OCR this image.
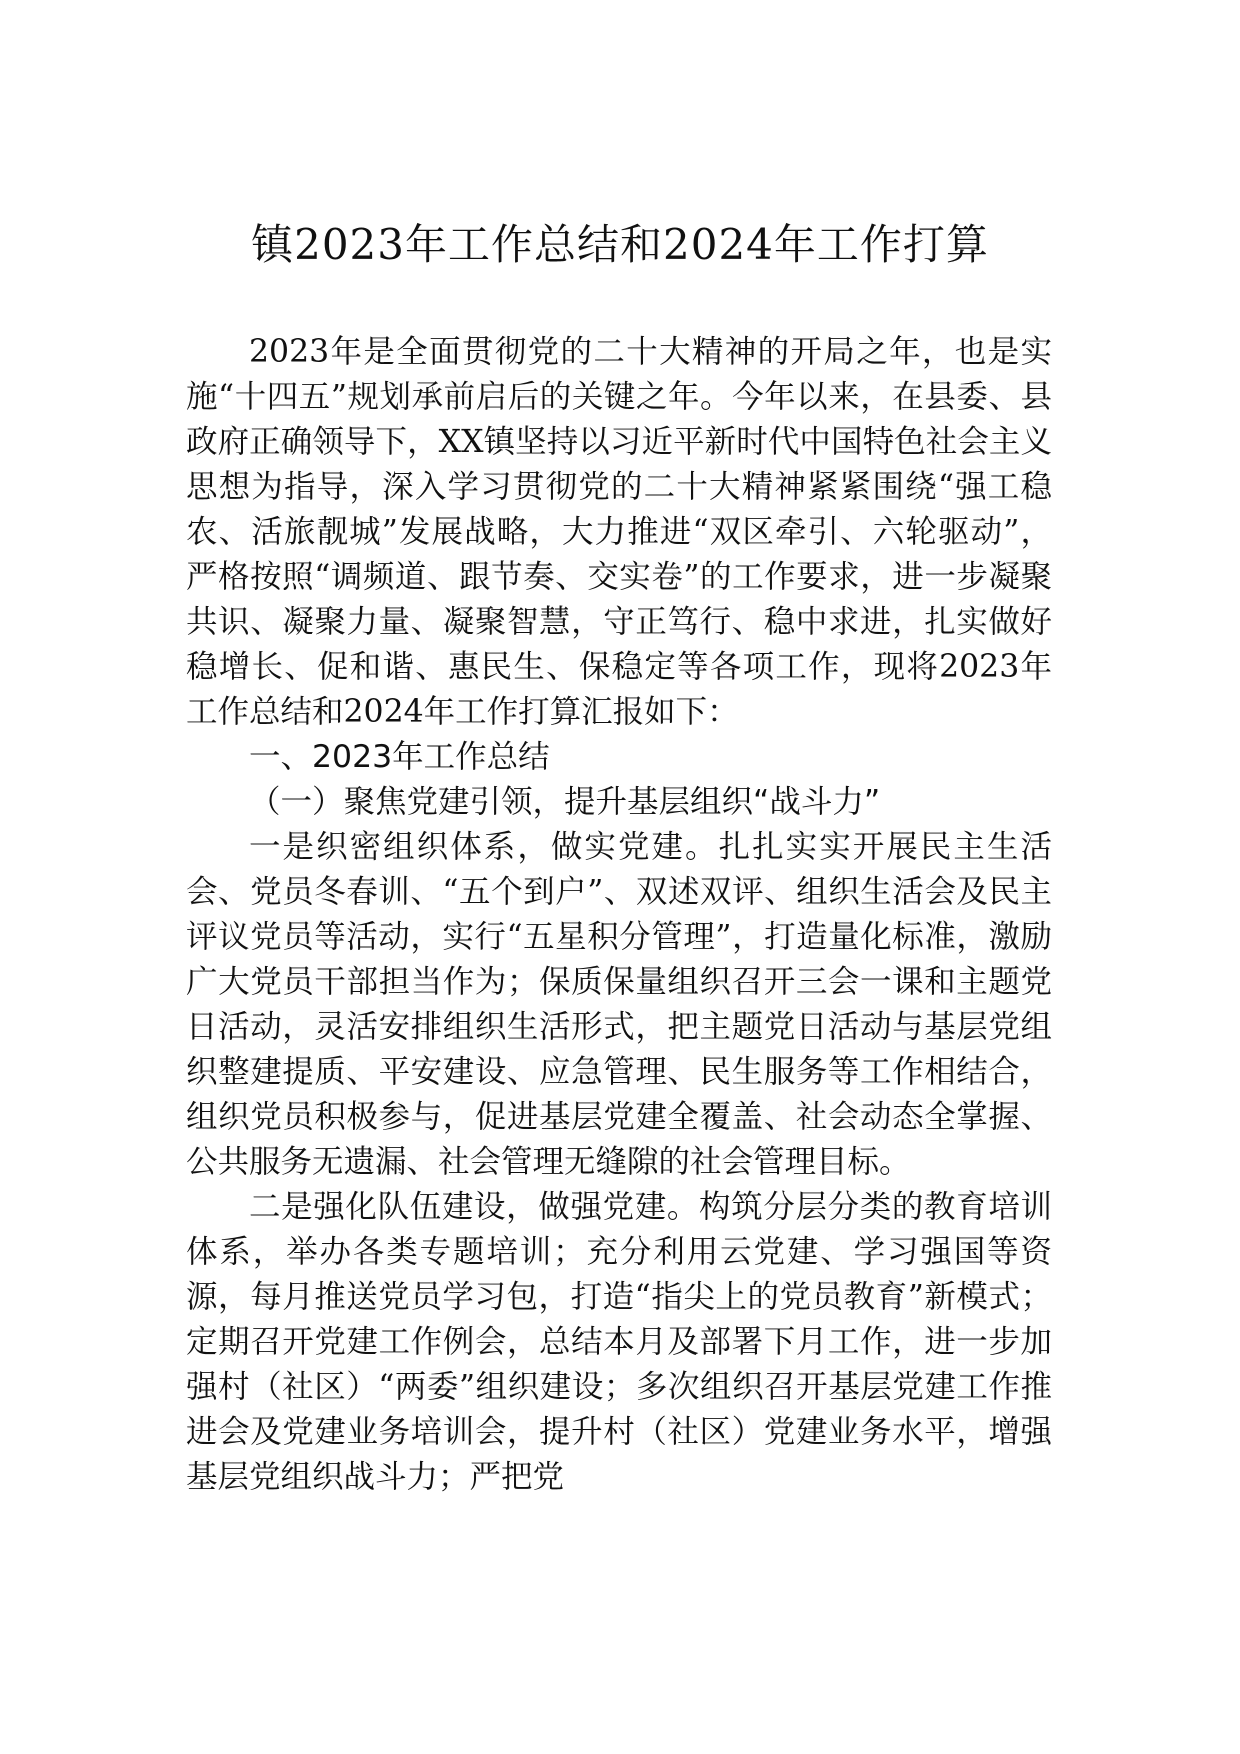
镇2023年工作总结和2024年工作打算

2023年是全面贯彻党的二十大精神的开局之年，也是实施“十四五”规划承前启后的关键之年。今年以来，在县委、县政府正确领导下，XX镇坚持以习近平新时代中国特色社会主义思想为指导，深入学习贯彻党的二十大精神紧紧围绕“强工稳农、活旅靓城”发展战略，大力推进“双区牵引、六轮驱动”，严格按照“调频道、跟节奏、交实卷”的工作要求，进一步凝聚共识、凝聚力量、凝聚智慧，守正笃行、稳中求进，扎实做好稳增长、促和谐、惠民生、保稳定等各项工作，现将2023年工作总结和2024年工作打算汇报如下：

一、2023年工作总结

（一）聚焦党建引领，提升基层组织“战斗力”

一是织密组织体系，做实党建。扎扎实实开展民主生活会、党员冬春训、“五个到户”、双述双评、组织生活会及民主评议党员等活动，实行“五星积分管理”，打造量化标准，激励广大党员干部担当作为；保质保量组织召开三会一课和主题党日活动，灵活安排组织生活形式，把主题党日活动与基层党组织整建提质、平安建设、应急管理、民生服务等工作相结合，组织党员积极参与，促进基层党建全覆盖、社会动态全掌握、公共服务无遗漏、社会管理无缝隙的社会管理目标。

二是强化队伍建设，做强党建。构筑分层分类的教育培训体系，举办各类专题培训；充分利用云党建、学习强国等资源，每月推送党员学习包，打造“指尖上的党员教育”新模式；定期召开党建工作例会，总结本月及部署下月工作，进一步加强村（社区）“两委”组织建设；多次组织召开基层党建工作推进会及党建业务培训会，提升村（社区）党建业务水平，增强基层党组织战斗力；严把党
